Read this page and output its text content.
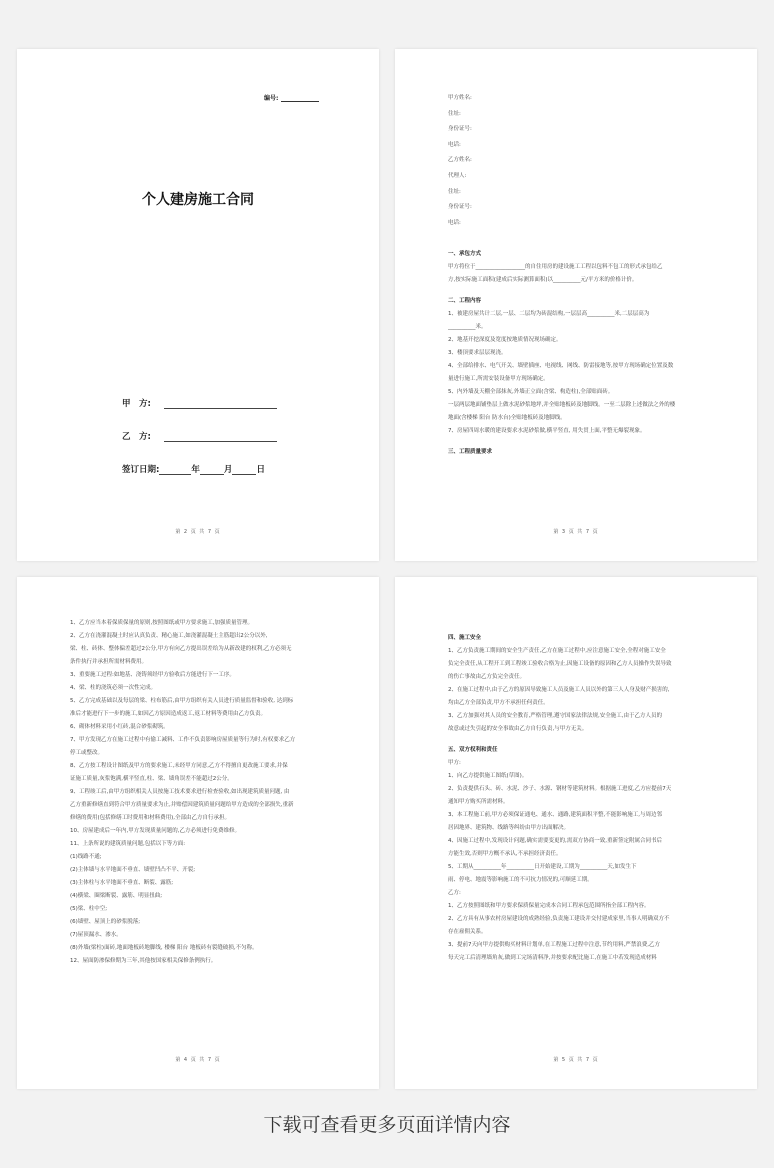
编号:
个人建房施工合同
甲　方:
乙　方:
签订日期:	年	月	日
第 2 页 共 7 页
甲方姓名:
住址:
身份证号:
电话:
乙方姓名:
代理人:
住址:
身份证号:
电话:
一、承包方式
甲方将位于__________________的自住用房的建设施工工程以包料不包工的形式承包给乙
方,按实际施工面积(建成后实际测算面积)以__________元/平方米的价格计价。
二、工程内容
1、被建房屋共计二层,一层、二层均为砖混结构,一层层高__________米,二层层高为
__________米。
2、地基开挖深度及宽度按地质情况现场确定。
3、楼顶要求层层现浇。
4、全部给排水、电气开关、墙壁插座、电视线、网线、防雷接地等,按甲方现场确定位置及数
量进行施工,所需安装设备甲方现场确定。
5、内外墙及天棚全部抹灰,外墙正立面(含梁、构造柱),全部贴面砖。
一层两层地面铺垫层上做水泥砂浆地坪,并全贴地板砖及地脚线。一至二层除上述做法之外的楼
地面(含楼梯 阳台 防水台)全贴地板砖及地脚线。
7、房屋四周水暖的建设要求水泥砂浆做,横平竖直, 用失贯上面,平整无爆裂现象。
三、工程质量要求
第 3 页 共 7 页
1、乙方应当本着保质保量的原则,按照图纸或甲方要求施工,加强质量管理。
2、乙方在浇灌混凝土时应认真负责、精心施工,如浇灌混凝土主筋超出2公分以外,
梁、柱、砖体、整体偏差超过2公分,甲方有向乙方提出误差给为从新改建的权利,乙方必须无
条件执行并承担所需材料费用。
3、重要施工过程:如地基、浇铸须经甲方验收后方能进行下一工序。
4、梁、柱的浇筑必须一次性完成。
5、乙方完成基础以及每层的梁、柱布筋后,由甲方组织有关人员进行质量监督和验收, 达到标
准后才能进行下一步的施工,如因乙方原因造成返工,返工材料等费用由乙方负责。
6、砌体材料采用小红砖,混合砂浆砌筑。
7、甲方发现乙方在施工过程中有偷工减料、工作不负责影响房屋质量等行为时,有权要求乙方
停工或整改。
8、乙方按工程设计图纸及甲方的要求施工,未经甲方同意,乙方不得擅自更改施工要求,并保
证施工质量,灰浆饱满,横平竖直,柱、梁、墙角误差不能超过2公分。
9、工程竣工后,由甲方组织相关人员按施工技术要求进行检查验收,如出现建筑质量问题, 由
乙方重新修缮直到符合甲方质量要求为止,并赔偿因建筑质量问题给甲方造成的全部损失,重新
修缮的费用(包括修缮工时费用和材料费用),全部由乙方自行承担。
10、房屋建成后一年内,甲方发现质量问题的,乙方必须进行免费维修。
11、上条所说的建筑质量问题,包括以下等方面:
(1)线路不通;
(2)主体墙与水平地面不垂直、墙壁凹凸不平、开裂;
(3)主体柱与水平地面不垂直、断裂、露筋;
(4)横梁、圈梁断裂、露筋、明显扭曲;
(5)梁、柱中空;
(6)墙壁、屋顶上的砂浆脱落;
(7)屋顶漏水、渗水。
(8)外墙(梁柱)面砖,地面地板砖地脚线, 楼梯 阳台 地板砖有裂缝破损,不匀称。
12、屋面防渗保修期为三年,其他按国家相关保修条例执行。
第 4 页 共 7 页
四、施工安全
1、乙方负责施工期间的安全生产责任,乙方在施工过程中,应注意施工安全,全程对施工安全
负完全责任,从工程开工到工程竣工验收合格为止,因施工设备的原因和乙方人员操作失误导致
的伤亡事故由乙方负完全责任。
2、在施工过程中,由于乙方的原因导致施工人员及施工人员以外的第三人人身及财产损害的,
均由乙方全部负责,甲方不承担任何责任。
3、乙方加强对其人员的安全教育,严格管理,遵守国家法律法规,安全施工,由于乙方人员的
故意或过失引起的安全事故由乙方自行负责,与甲方无关。
五、双方权利和责任
甲方:
1、向乙方提供施工图纸(草图)。
2、负责提供石头、砖、水泥、沙子、水源、钢材等建筑材料。根据施工进度,乙方应提前7天
通知甲方购买所需材料。
3、本工程施工前,甲方必须保证通电、通水、通路,建筑面积平整,不能影响施工,与周边邻
居因地界、建筑物、线路等纠纷由甲方出面解决。
4、因施工过程中,发现设计问题,确实需要变更的,需双方协商一致,重新签定附属合同书后
方能生效,否则甲方概不承认,不承担经济责任。
5、工期从__________年__________日开始建设,工期为__________天,如发生下
雨、停电、地震等影响施工的不可抗力情况的,可顺延工期。
乙方:
1、乙方按照图纸和甲方要求保质保量完成本合同工程承包范围所指全部工程内容。
2、乙方具有从事农村房屋建设的成熟经验,负责施工建设并交付建成家里,当事人明确双方不
存在雇佣关系。
3、提前7天向甲方提供购买材料计划单,在工程施工过程中注意,节约用料,严禁浪费,乙方
每天完工后清理墙角灰,做到工完场清料净,并按要求配比施工,在施工中若发现造成材料
第 5 页 共 7 页
下载可查看更多页面详情内容
